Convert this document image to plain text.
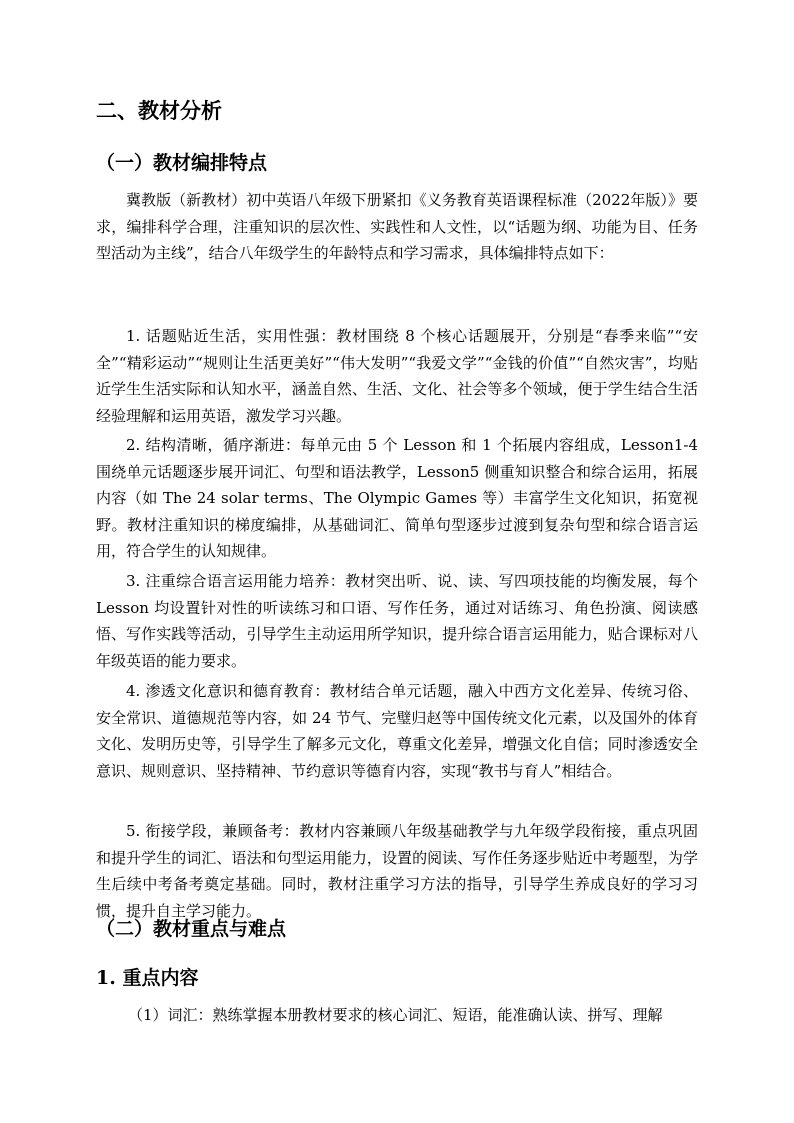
二、教材分析
（一）教材编排特点

冀教版（新教材）初中英语八年级下册紧扣《义务教育英语课程标准（2022年版）》要求，编排科学合理，注重知识的层次性、实践性和人文性，以“话题为纲、功能为目、任务型活动为主线”，结合八年级学生的年龄特点和学习需求，具体编排特点如下：

1. 话题贴近生活，实用性强：教材围绕 8 个核心话题展开，分别是“春季来临”“安全”“精彩运动”“规则让生活更美好”“伟大发明”“我爱文学”“金钱的价值”“自然灾害”，均贴近学生生活实际和认知水平，涵盖自然、生活、文化、社会等多个领域，便于学生结合生活经验理解和运用英语，激发学习兴趣。

2. 结构清晰，循序渐进：每单元由 5 个 Lesson 和 1 个拓展内容组成，Lesson1-4 围绕单元话题逐步展开词汇、句型和语法教学，Lesson5 侧重知识整合和综合运用，拓展内容（如 The 24 solar terms、The Olympic Games 等）丰富学生文化知识，拓宽视野。教材注重知识的梯度编排，从基础词汇、简单句型逐步过渡到复杂句型和综合语言运用，符合学生的认知规律。

3. 注重综合语言运用能力培养：教材突出听、说、读、写四项技能的均衡发展，每个 Lesson 均设置针对性的听读练习和口语、写作任务，通过对话练习、角色扮演、阅读感悟、写作实践等活动，引导学生主动运用所学知识，提升综合语言运用能力，贴合课标对八年级英语的能力要求。

4. 渗透文化意识和德育教育：教材结合单元话题，融入中西方文化差异、传统习俗、安全常识、道德规范等内容，如 24 节气、完璧归赵等中国传统文化元素，以及国外的体育文化、发明历史等，引导学生了解多元文化，尊重文化差异，增强文化自信；同时渗透安全意识、规则意识、坚持精神、节约意识等德育内容，实现“教书与育人”相结合。

5. 衔接学段，兼顾备考：教材内容兼顾八年级基础教学与九年级学段衔接，重点巩固和提升学生的词汇、语法和句型运用能力，设置的阅读、写作任务逐步贴近中考题型，为学生后续中考备考奠定基础。同时，教材注重学习方法的指导，引导学生养成良好的学习习惯，提升自主学习能力。

（二）教材重点与难点
1. 重点内容
（1）词汇：熟练掌握本册教材要求的核心词汇、短语，能准确认读、拼写、理解
